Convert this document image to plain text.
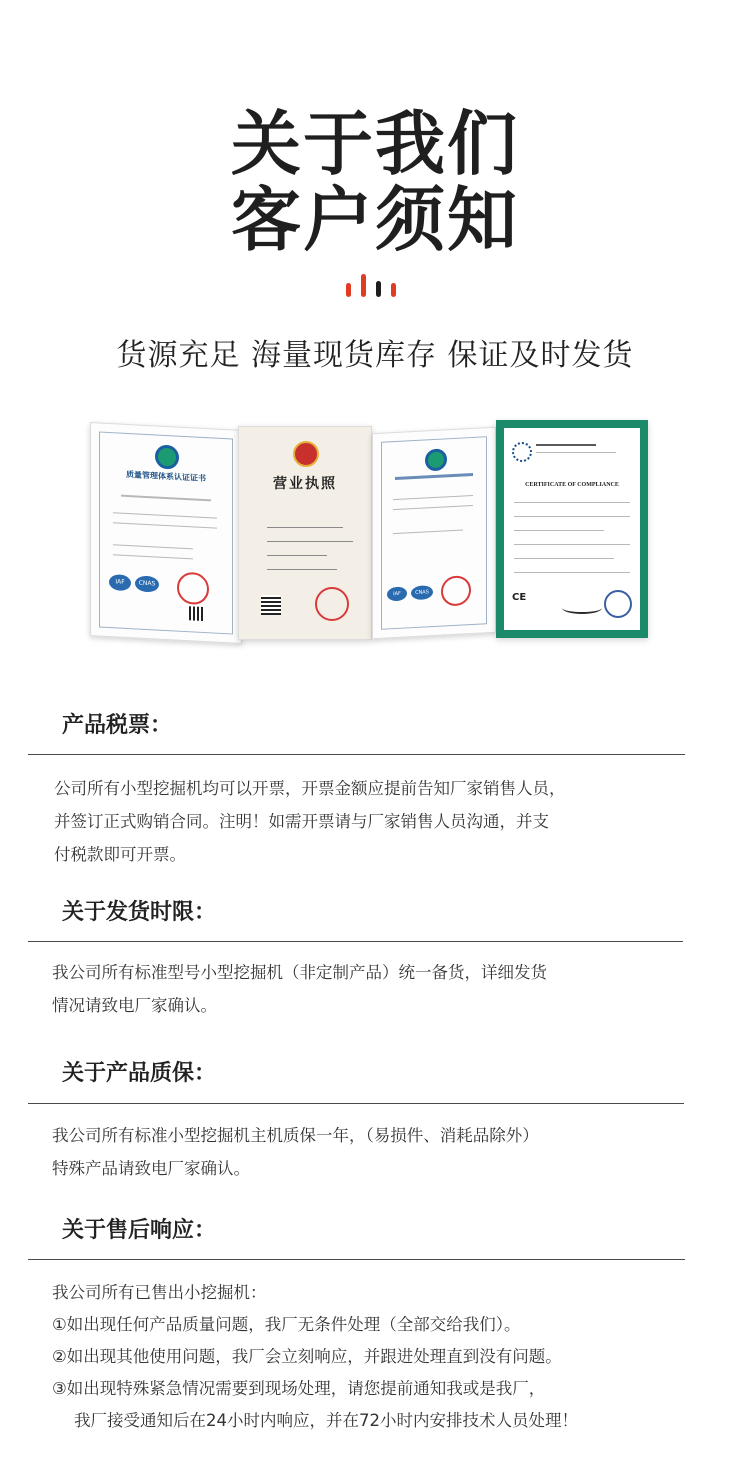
关于我们
客户须知
货源充足 海量现货库存 保证及时发货
质量管理体系认证证书
IAF	CNAS
营业执照
IAF	CNAS
CERTIFICATE OF COMPLIANCE
CE
产品税票：
公司所有小型挖掘机均可以开票，开票金额应提前告知厂家销售人员，
并签订正式购销合同。注明！如需开票请与厂家销售人员沟通，并支
付税款即可开票。
关于发货时限：
我公司所有标准型号小型挖掘机（非定制产品）统一备货，详细发货
情况请致电厂家确认。
关于产品质保：
我公司所有标准小型挖掘机主机质保一年，（易损件、消耗品除外）
特殊产品请致电厂家确认。
关于售后响应：
我公司所有已售出小挖掘机：
①如出现任何产品质量问题，我厂无条件处理（全部交给我们）。
②如出现其他使用问题，我厂会立刻响应，并跟进处理直到没有问题。
③如出现特殊紧急情况需要到现场处理，请您提前通知我或是我厂，
我厂接受通知后在24小时内响应，并在72小时内安排技术人员处理！
